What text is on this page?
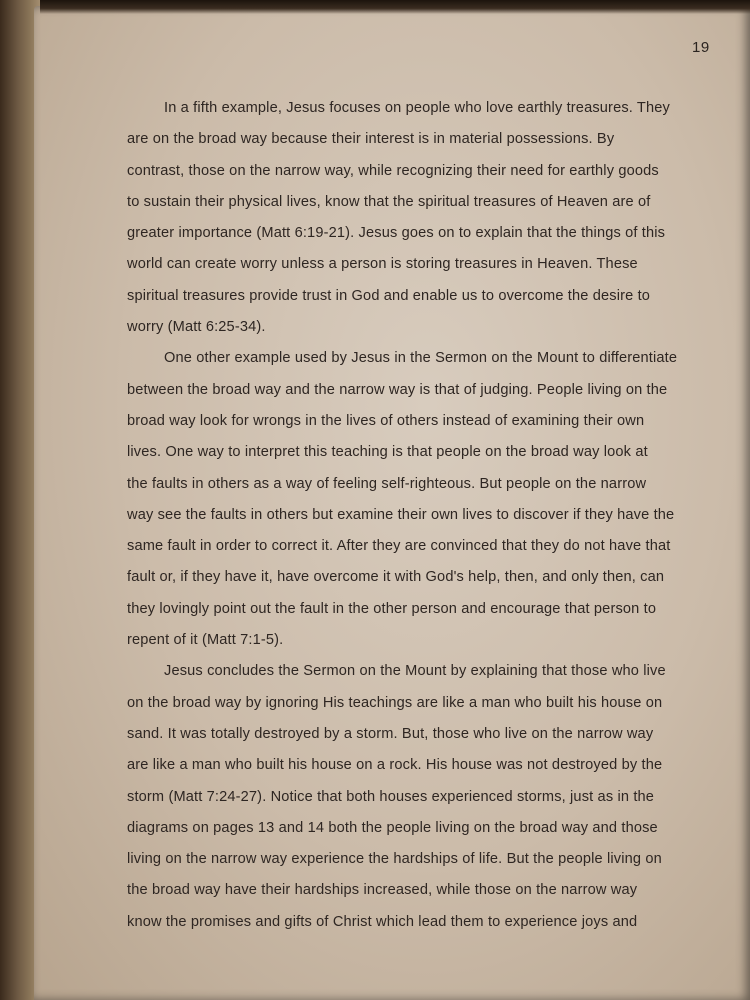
19
In a fifth example, Jesus focuses on people who love earthly treasures. They
are on the broad way because their interest is in material possessions. By
contrast, those on the narrow way, while recognizing their need for earthly goods
to sustain their physical lives, know that the spiritual treasures of Heaven are of
greater importance (Matt 6:19-21). Jesus goes on to explain that the things of this
world can create worry unless a person is storing treasures in Heaven. These
spiritual treasures provide trust in God and enable us to overcome the desire to
worry (Matt 6:25-34).
One other example used by Jesus in the Sermon on the Mount to differentiate
between the broad way and the narrow way is that of judging. People living on the
broad way look for wrongs in the lives of others instead of examining their own
lives. One way to interpret this teaching is that people on the broad way look at
the faults in others as a way of feeling self-righteous. But people on the narrow
way see the faults in others but examine their own lives to discover if they have the
same fault in order to correct it. After they are convinced that they do not have that
fault or, if they have it, have overcome it with God's help, then, and only then, can
they lovingly point out the fault in the other person and encourage that person to
repent of it (Matt 7:1-5).
Jesus concludes the Sermon on the Mount by explaining that those who live
on the broad way by ignoring His teachings are like a man who built his house on
sand. It was totally destroyed by a storm. But, those who live on the narrow way
are like a man who built his house on a rock. His house was not destroyed by the
storm (Matt 7:24-27). Notice that both houses experienced storms, just as in the
diagrams on pages 13 and 14 both the people living on the broad way and those
living on the narrow way experience the hardships of life. But the people living on
the broad way have their hardships increased, while those on the narrow way
know the promises and gifts of Christ which lead them to experience joys and
